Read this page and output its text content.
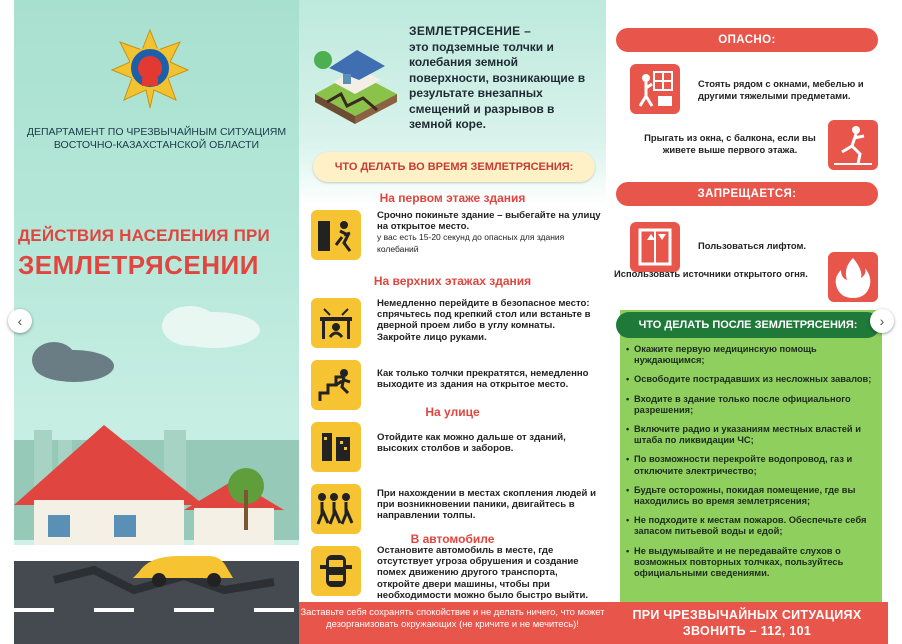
ДЕПАРТАМЕНТ ПО ЧРЕЗВЫЧАЙНЫМ СИТУАЦИЯМ
ВОСТОЧНО-КАЗАХСТАНСКОЙ ОБЛАСТИ
ДЕЙСТВИЯ НАСЕЛЕНИЯ ПРИ
ЗЕМЛЕТРЯСЕНИИ
ЗЕМЛЕТРЯСЕНИЕ –
это подземные толчки и колебания земной поверхности, возникающие в результате внезапных смещений и разрывов в земной коре.
ЧТО ДЕЛАТЬ ВО ВРЕМЯ ЗЕМЛЕТРЯСЕНИЯ:
На первом этаже здания
Срочно покиньте здание – выбегайте на улицу на открытое место.
у вас есть 15-20 секунд до опасных для здания колебаний
На верхних этажах здания
Немедленно перейдите в безопасное место: спрячьтесь под крепкий стол или встаньте в дверной проем либо в углу комнаты. Закройте лицо руками.
Как только толчки прекратятся, немедленно выходите из здания на открытое место.
На улице
Отойдите как можно дальше от зданий, высоких столбов и заборов.
При нахождении в местах скопления людей и при возникновении паники, двигайтесь в направлении толпы.
В автомобиле
Остановите автомобиль в месте, где отсутствует угроза обрушения и создание помех движению другого транспорта, откройте двери машины, чтобы при необходимости можно было быстро выйти.
Заставьте себя сохранять спокойствие и не делать ничего, что может дезорганизовать окружающих (не кричите и не мечитесь)!
ОПАСНО:
Стоять рядом с окнами, мебелью и другими тяжелыми предметами.
Прыгать из окна, с балкона, если вы живете выше первого этажа.
ЗАПРЕЩАЕТСЯ:
Пользоваться лифтом.
Использовать источники открытого огня.
ЧТО ДЕЛАТЬ ПОСЛЕ ЗЕМЛЕТРЯСЕНИЯ:
• Окажите первую медицинскую помощь нуждающимся;
• Освободите пострадавших из несложных завалов;
• Входите в здание только после официального разрешения;
• Включите радио и указаниям местных властей и штаба по ликвидации ЧС;
• По возможности перекройте водопровод, газ и отключите электричество;
• Будьте осторожны, покидая помещение, где вы находились во время землетрясения;
• Не подходите к местам пожаров. Обеспечьте себя запасом питьевой воды и едой;
• Не выдумывайте и не передавайте слухов о возможных повторных толчках, пользуйтесь официальными сведениями.
ПРИ ЧРЕЗВЫЧАЙНЫХ СИТУАЦИЯХ
ЗВОНИТЬ – 112, 101
‹	›
